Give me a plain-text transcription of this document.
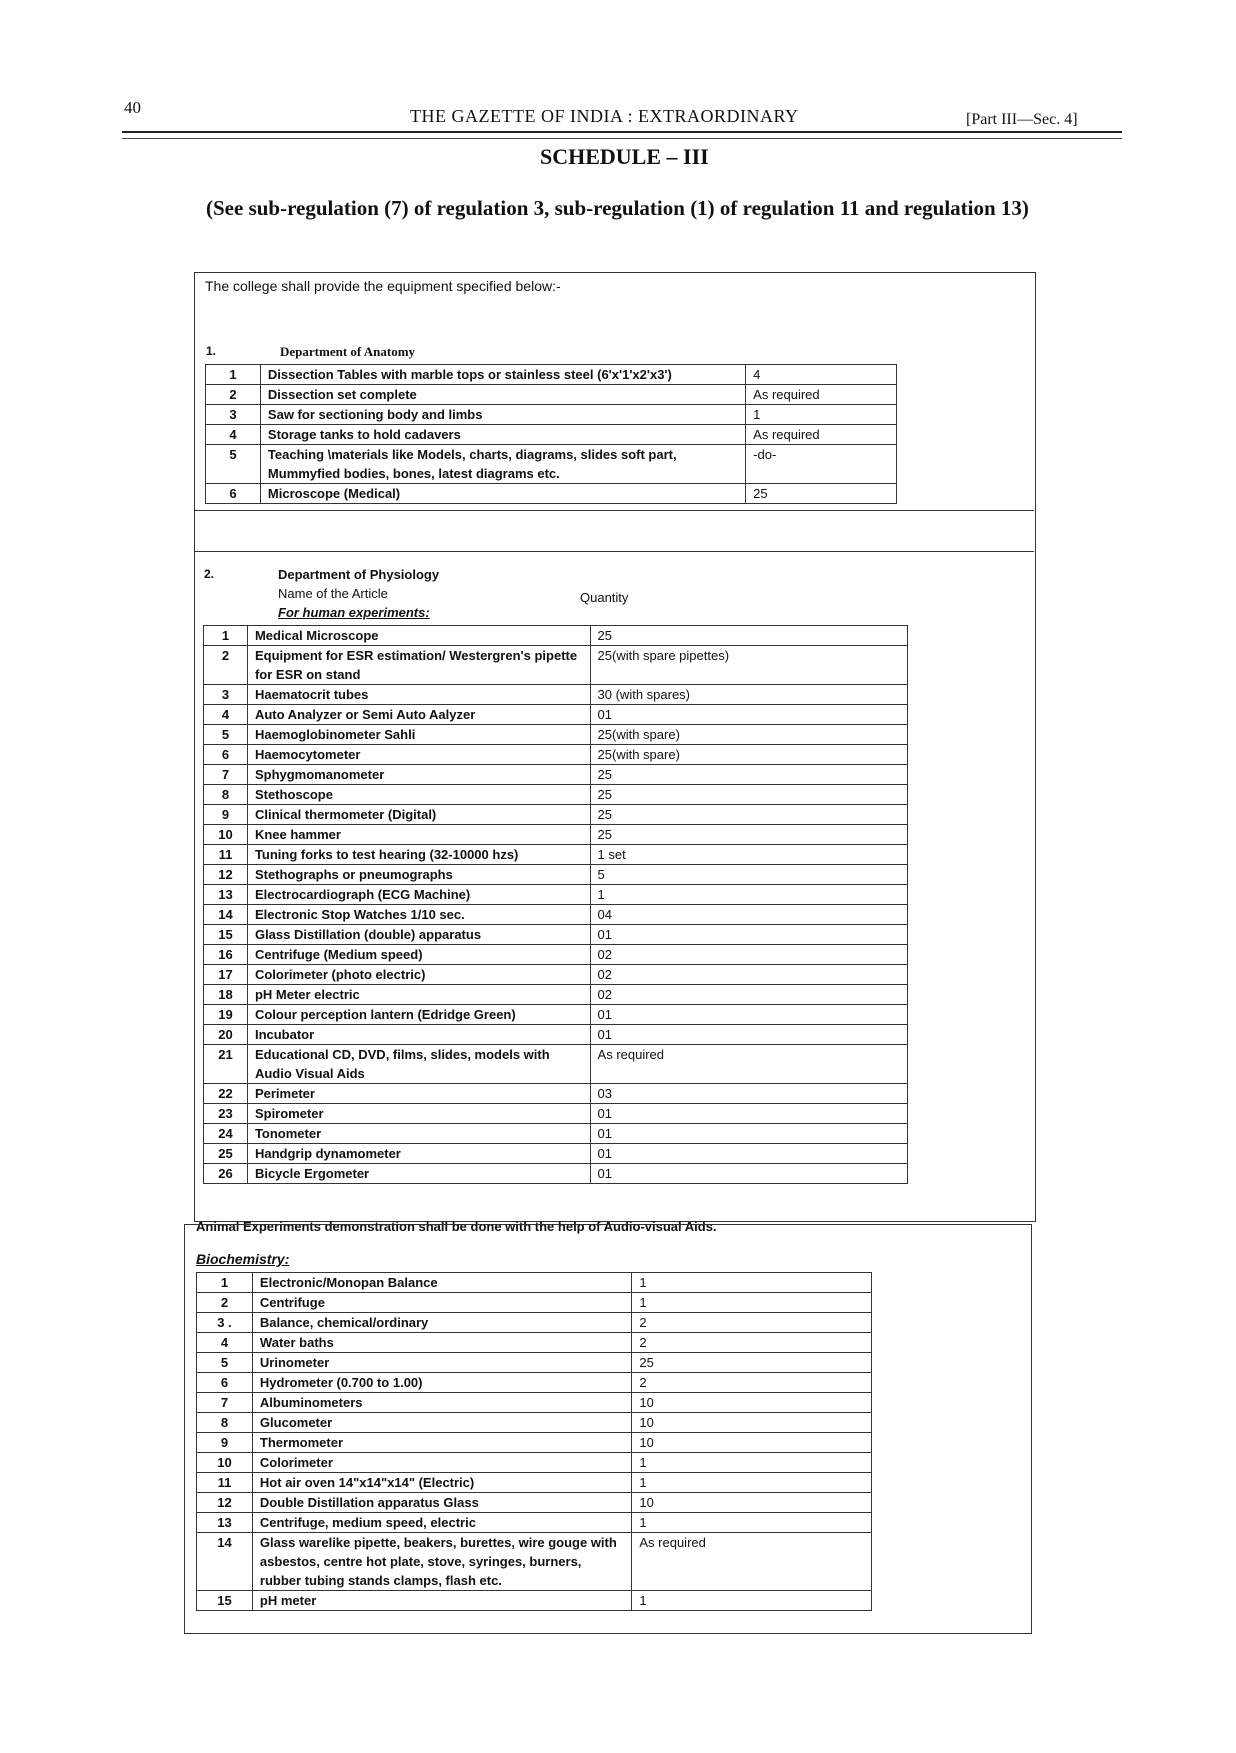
40	THE GAZETTE OF INDIA : EXTRAORDINARY	[Part III—Sec. 4]
SCHEDULE – III
(See sub-regulation (7) of regulation 3, sub-regulation (1) of regulation 11 and regulation 13)
The college shall provide the equipment specified below:-
1.	Department of Anatomy
1	Dissection Tables with marble tops or stainless steel (6'x'1'x2'x3')	4
2	Dissection set complete	As required
3	Saw for sectioning body and limbs	1
4	Storage tanks to hold cadavers	As required
5	Teaching \materials like Models, charts, diagrams, slides soft part, Mummyfied bodies, bones, latest diagrams etc.	-do-
6	Microscope (Medical)	25
2.	Department of Physiology
Name of the Article	Quantity
For human experiments:
1	Medical Microscope	25
2	Equipment for ESR estimation/ Westergren's pipette for ESR on stand	25(with spare pipettes)
3	Haematocrit tubes	30 (with spares)
4	Auto Analyzer or Semi Auto Aalyzer	01
5	Haemoglobinometer Sahli	25(with spare)
6	Haemocytometer	25(with spare)
7	Sphygmomanometer	25
8	Stethoscope	25
9	Clinical thermometer (Digital)	25
10	Knee hammer	25
11	Tuning forks to test hearing (32-10000 hzs)	1 set
12	Stethographs or pneumographs	5
13	Electrocardiograph (ECG Machine)	1
14	Electronic Stop Watches 1/10 sec.	04
15	Glass Distillation (double) apparatus	01
16	Centrifuge (Medium speed)	02
17	Colorimeter (photo electric)	02
18	pH Meter electric	02
19	Colour perception lantern (Edridge Green)	01
20	Incubator	01
21	Educational CD, DVD, films, slides, models with Audio Visual Aids	As required
22	Perimeter	03
23	Spirometer	01
24	Tonometer	01
25	Handgrip dynamometer	01
26	Bicycle Ergometer	01
Animal Experiments demonstration shall be done with the help of Audio-visual Aids.
Biochemistry:
1	Electronic/Monopan Balance	1
2	Centrifuge	1
3 .	Balance, chemical/ordinary	2
4	Water baths	2
5	Urinometer	25
6	Hydrometer (0.700 to 1.00)	2
7	Albuminometers	10
8	Glucometer	10
9	Thermometer	10
10	Colorimeter	1
11	Hot air oven 14"x14"x14" (Electric)	1
12	Double Distillation apparatus Glass	10
13	Centrifuge, medium speed, electric	1
14	Glass warelike pipette, beakers, burettes, wire gouge with asbestos, centre hot plate, stove, syringes, burners, rubber tubing stands clamps, flash etc.	As required
15	pH meter	1
